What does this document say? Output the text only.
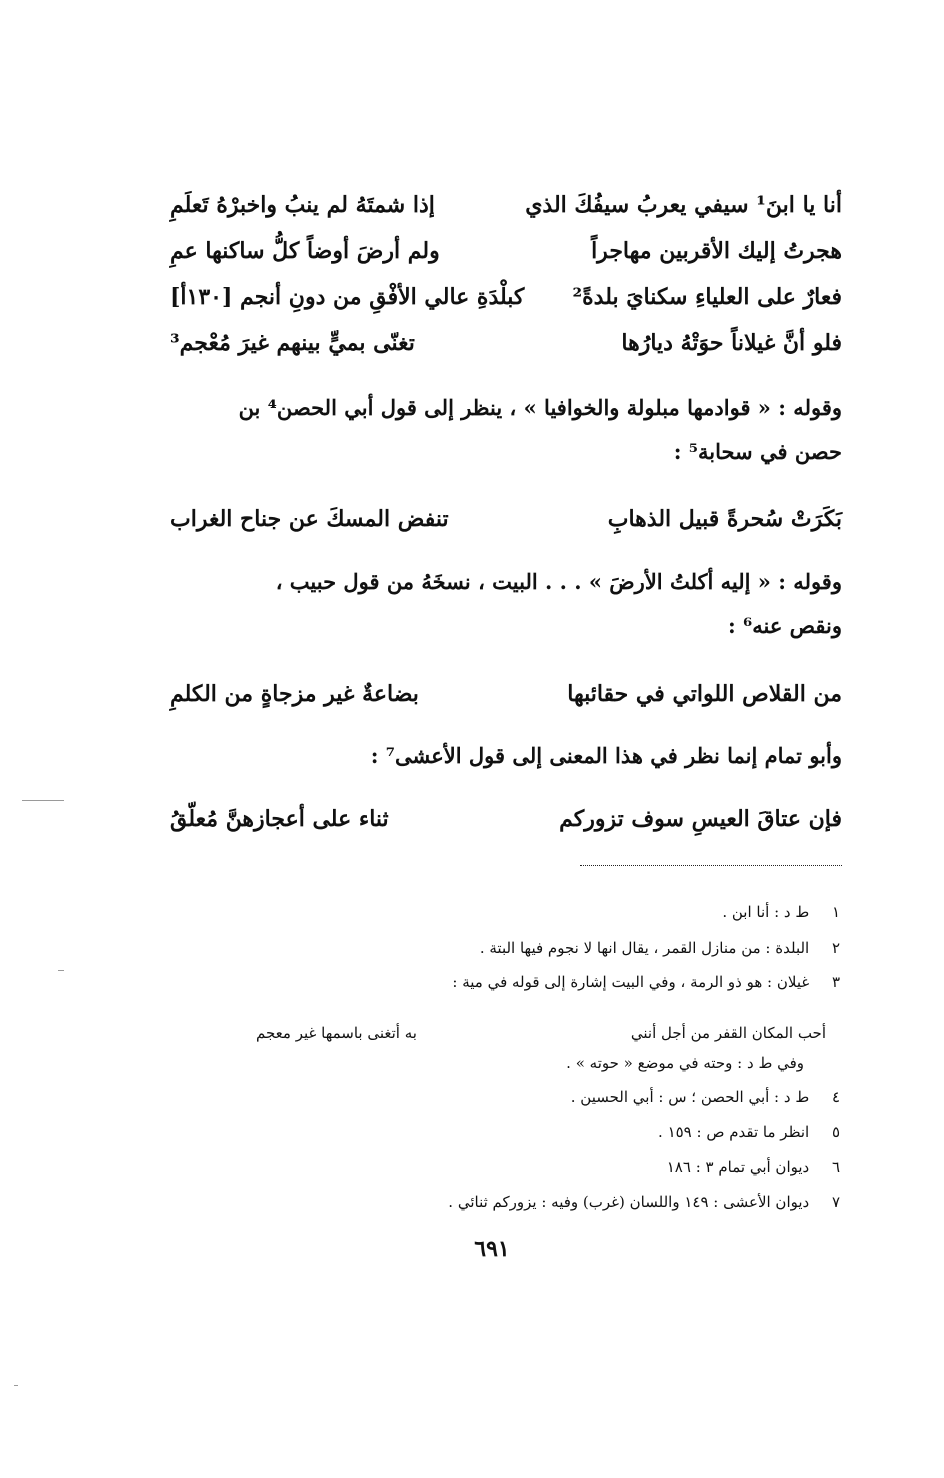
أنا يا ابنَ¹ سيفي يعربُ سيفُكَ الذي
إذا شمتَهُ لم ينبُ واخبرْهُ تَعلَمِ
هجرتُ إليك الأقربين مهاجراً
ولم أرضَ أوضاً كلُّ ساكنها عمِ
فعارٌ على العلياءِ سكنايَ بلدةً²
كبلْدَةِ عالي الأفْقِ من دونِ أنجم [١٣٠أ]
فلو أنَّ غيلاناً حوَتْهُ ديارُها
تغنّى بميٍّ بينهم غيرَ مُعْجم³
وقوله : « قوادمها مبلولة والخوافيا » ، ينظر إلى قول أبي الحصن⁴ بن
حصن في سحابة⁵ :
بَكَرَتْ سُحرةً قبيل الذهابِ
تنفض المسكَ عن جناح الغراب
وقوله : « إليه أكلتُ الأرضَ » . . . البيت ، نسخَهُ من قول حبيب ،
ونقص عنه⁶ :
من القلاص اللواتي في حقائبها
بضاعةٌ غير مزجاةٍ من الكلمِ
وأبو تمام إنما نظر في هذا المعنى إلى قول الأعشى⁷ :
فإن عتاقَ العيسِ سوف تزوركم
ثناء على أعجازهنَّ مُعلّقُ
١ ط د : أنا ابن .
٢ البلدة : من منازل القمر ، يقال انها لا نجوم فيها البتة .
٣ غيلان : هو ذو الرمة ، وفي البيت إشارة إلى قوله في مية :
أحب المكان القفر من أجل أنني
به أتغنى باسمها غير معجم
وفي ط د : وحته في موضع « حوته » .
٤ ط د : أبي الحصن ؛ س : أبي الحسين .
٥ انظر ما تقدم ص : ١٥٩ .
٦ ديوان أبي تمام ٣ : ١٨٦
٧ ديوان الأعشى : ١٤٩ واللسان (غرب) وفيه : يزوركم ثنائي .
٦٩١
